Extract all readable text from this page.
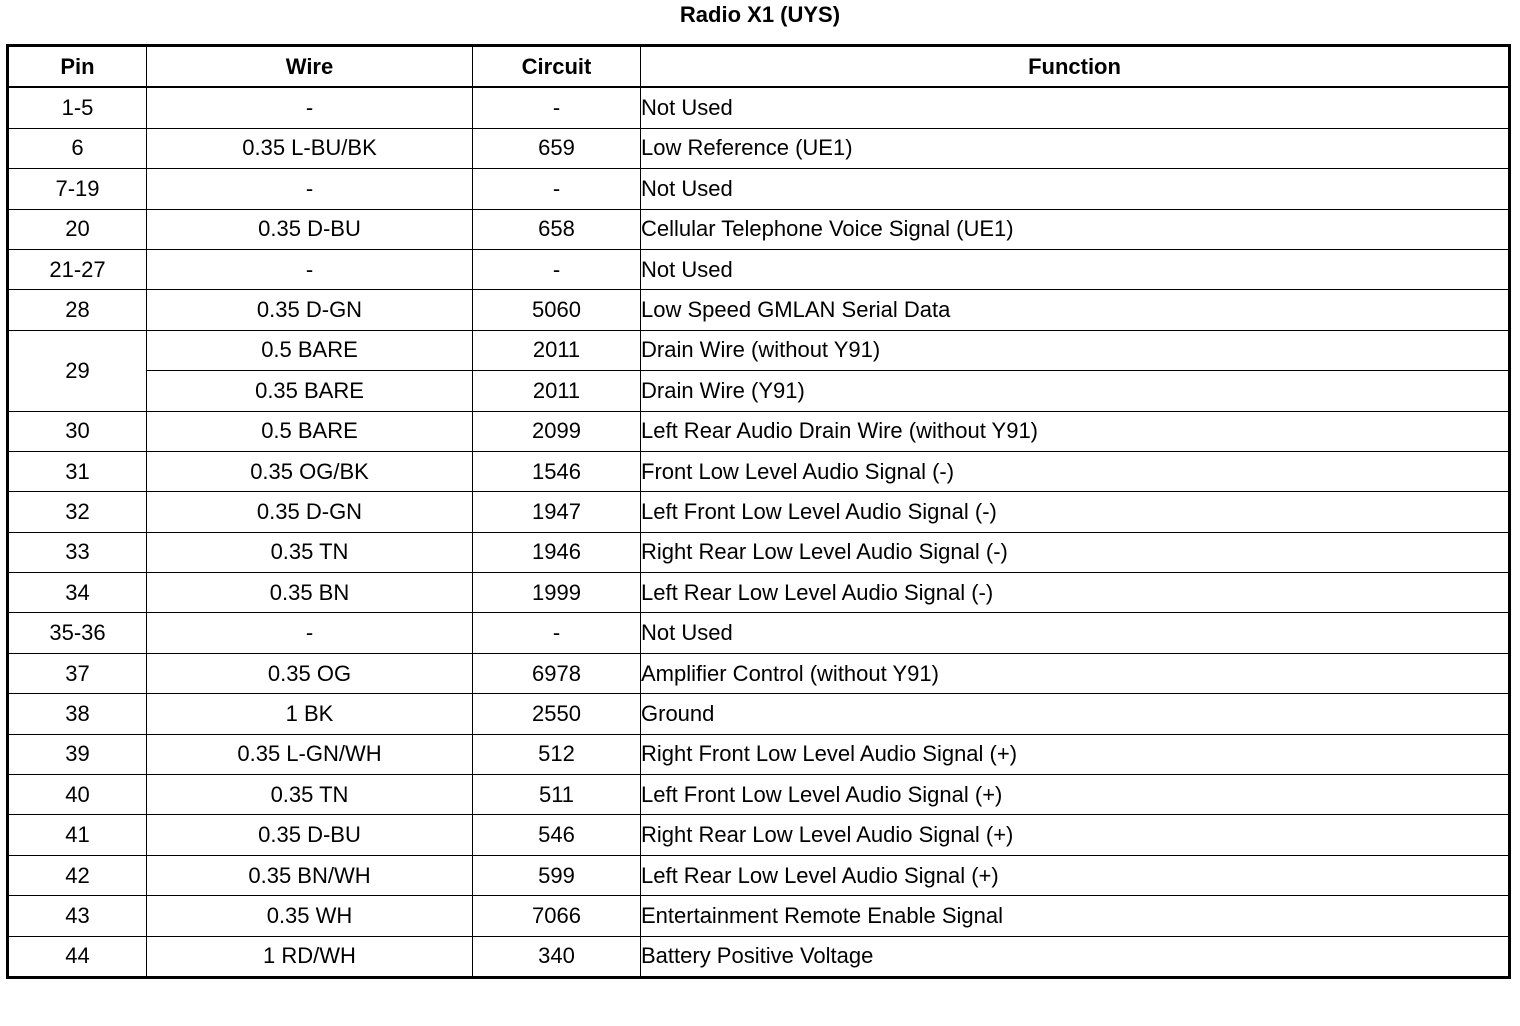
Radio X1 (UYS)
Pin	Wire	Circuit	Function
1-5	-	-	Not Used
6	0.35 L-BU/BK	659	Low Reference (UE1)
7-19	-	-	Not Used
20	0.35 D-BU	658	Cellular Telephone Voice Signal (UE1)
21-27	-	-	Not Used
28	0.35 D-GN	5060	Low Speed GMLAN Serial Data
29	0.5 BARE	2011	Drain Wire (without Y91)
	0.35 BARE	2011	Drain Wire (Y91)
30	0.5 BARE	2099	Left Rear Audio Drain Wire (without Y91)
31	0.35 OG/BK	1546	Front Low Level Audio Signal (-)
32	0.35 D-GN	1947	Left Front Low Level Audio Signal (-)
33	0.35 TN	1946	Right Rear Low Level Audio Signal (-)
34	0.35 BN	1999	Left Rear Low Level Audio Signal (-)
35-36	-	-	Not Used
37	0.35 OG	6978	Amplifier Control (without Y91)
38	1 BK	2550	Ground
39	0.35 L-GN/WH	512	Right Front Low Level Audio Signal (+)
40	0.35 TN	511	Left Front Low Level Audio Signal (+)
41	0.35 D-BU	546	Right Rear Low Level Audio Signal (+)
42	0.35 BN/WH	599	Left Rear Low Level Audio Signal (+)
43	0.35 WH	7066	Entertainment Remote Enable Signal
44	1 RD/WH	340	Battery Positive Voltage
